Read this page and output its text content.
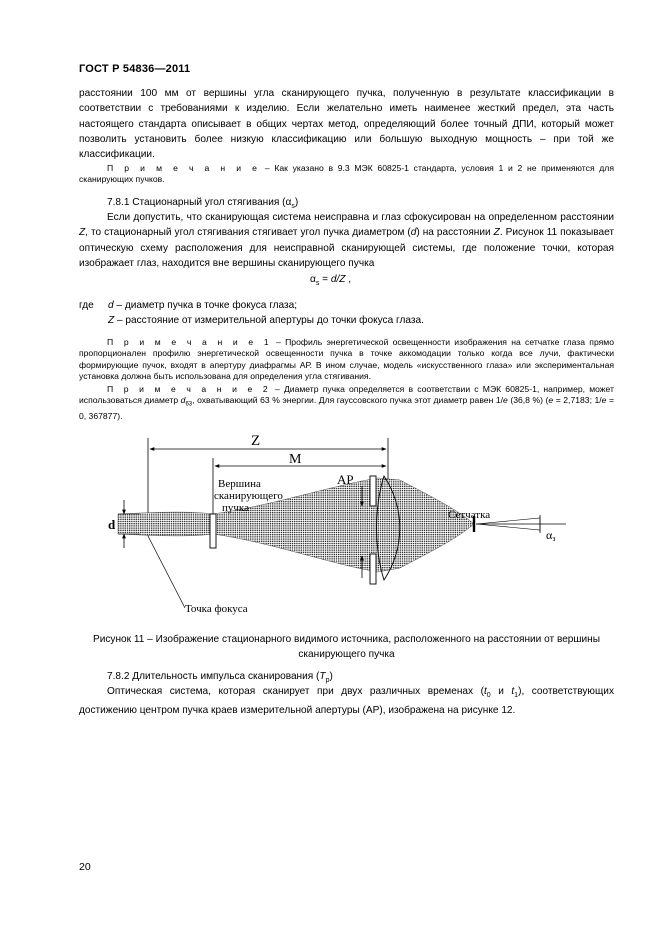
ГОСТ Р 54836—2011

расстоянии 100 мм от вершины угла сканирующего пучка, полученную в результате классификации в соответствии с требованиями к изделию. Если желательно иметь наименее жесткий предел, эта часть настоящего стандарта описывает в общих чертах метод, определяющий более точный ДПИ, который может позволить установить более низкую классификацию или большую выходную мощность – при той же классификации.

П р и м е ч а н и е – Как указано в 9.3 МЭК 60825-1 стандарта, условия 1 и 2 не применяются для сканирующих пучков.

7.8.1 Стационарный угол стягивания $(\alpha_s)$

Если допустить, что сканирующая система неисправна и глаз сфокусирован на определенном расстоянии Z, то стационарный угол стягивания стягивает угол пучка диаметром (d) на расстоянии Z. Рисунок 11 показывает оптическую схему расположения для неисправной сканирующей системы, где положение точки, которая изображает глаз, находится вне вершины сканирующего пучка

$\alpha_s = d/Z$ ,
где d – диаметр пучка в точке фокуса глаза;
Z – расстояние от измерительной апертуры до точки фокуса глаза.

П р и м е ч а н и е 1 – Профиль энергетической освещенности изображения на сетчатке глаза прямо пропорционален профилю энергетической освещенности пучка в точке аккомодации только когда все лучи, фактически формирующие пучок, входят в апертуру диафрагмы АР. В ином случае, модель «искусственного глаза» или экспериментальная установка должна быть использована для определения угла стягивания.

П р и м е ч а н и е 2 – Диаметр пучка определяется в соответствии с МЭК 60825-1, например, может использоваться диаметр $d_{63}$, охватывающий 63 % энергии. Для гауссовского пучка этот диаметр равен 1/e (36,8 %) (e = 2,7183; 1/e = 0, 367877).

Z
M
AP
Сетчатка
αз
d
Вершина
сканирующего
пучка
Точка фокуса

Рисунок 11 – Изображение стационарного видимого источника, расположенного на расстоянии от вершины сканирующего пучка

7.8.2 Длительность импульса сканирования $(T_p)$

Оптическая система, которая сканирует при двух различных временах ($t_0$ и $t_1$), соответствующих достижению центром пучка краев измерительной апертуры (АР), изображена на рисунке 12.

20
